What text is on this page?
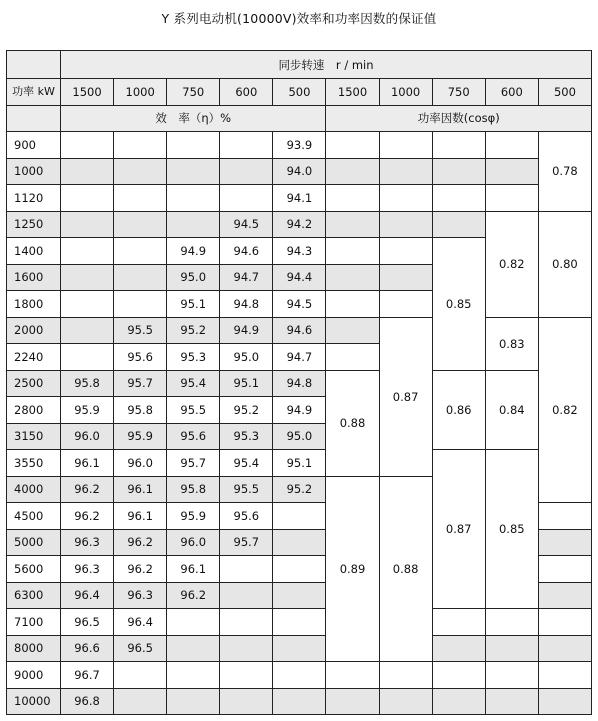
Y 系列电动机(10000V)效率和功率因数的保证值
	同步转速　r / min									
功率 kW	1500	1000	750	600	500	1500	1000	750	600	500
	效　率（η）%					功率因数(cosφ)				
900					93.9					0.78
1000					94.0					
1120					94.1					
1250				94.5	94.2				0.82	0.80
1400			94.9	94.6	94.3			0.85		
1600			95.0	94.7	94.4					
1800			95.1	94.8	94.5					
2000		95.5	95.2	94.9	94.6		0.87		0.83	0.82
2240		95.6	95.3	95.0	94.7					
2500	95.8	95.7	95.4	95.1	94.8	0.88		0.86	0.84	
2800	95.9	95.8	95.5	95.2	94.9					
3150	96.0	95.9	95.6	95.3	95.0					
3550	96.1	96.0	95.7	95.4	95.1			0.87	0.85	
4000	96.2	96.1	95.8	95.5	95.2	0.89	0.88			
4500	96.2	96.1	95.9	95.6						
5000	96.3	96.2	96.0	95.7						
5600	96.3	96.2	96.1							
6300	96.4	96.3	96.2							
7100	96.5	96.4								
8000	96.6	96.5								
9000	96.7									
10000	96.8									
